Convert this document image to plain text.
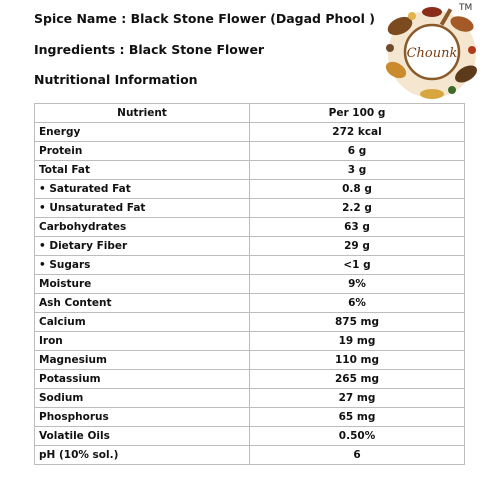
Spice Name : Black Stone Flower (Dagad Phool )

Ingredients : Black Stone Flower

Nutritional Information

Chounk
TM
Nutrient	Per 100 g
Energy	272 kcal
Protein	6 g
Total Fat	3 g
• Saturated Fat	0.8 g
• Unsaturated Fat	2.2 g
Carbohydrates	63 g
• Dietary Fiber	29 g
• Sugars	<1 g
Moisture	9%
Ash Content	6%
Calcium	875 mg
Iron	19 mg
Magnesium	110 mg
Potassium	265 mg
Sodium	27 mg
Phosphorus	65 mg
Volatile Oils	0.50%
pH (10% sol.)	6
